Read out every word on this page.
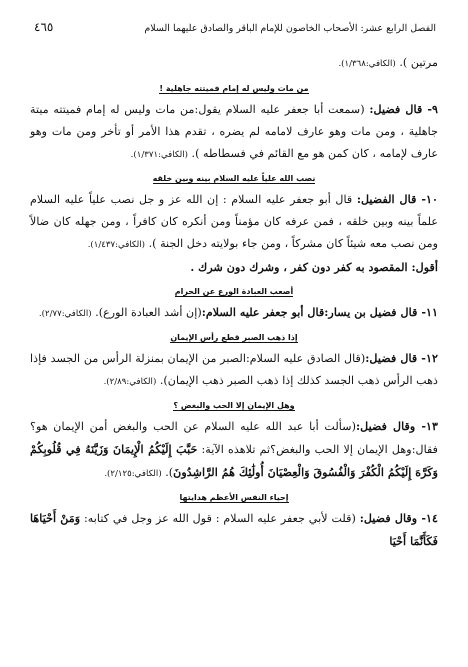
الفصل الرابع عشر: الأصحاب الخاصون للإمام الباقر والصادق عليهما السلام
٤٦٥

مرتين ). (الكافي:١/٣٦٨).

من مات وليس له إمام فميتته جاهلية !

٩- قال فضيل: (سمعت أبا جعفر عليه السلام يقول:من مات وليس له إمام فميتته ميتة جاهلية ، ومن مات وهو عارف لامامه لم يضره ، تقدم هذا الأمر أو تأخر ومن مات وهو عارف لإمامه ، كان كمن هو مع القائم في فسطاطه ). (الكافي:١/٣٧١).

نصب الله علياً عليه السلام بينه وبين خلقه

١٠- قال الفضيل: قال أبو جعفر عليه السلام : إن الله عز و جل نصب علياً عليه السلام علماً بينه وبين خلقه ، فمن عرفه كان مؤمناً ومن أنكره كان كافراً ، ومن جهله كان ضالاً ومن نصب معه شيئاً كان مشركاً ، ومن جاء بولايته دخل الجنة ). (الكافي:١/٤٣٧).

أقول: المقصود به كفر دون كفر ، وشرك دون شرك .

أصعب العبادة الورع عن الحرام

١١- قال فضيل بن يسار:قال أبو جعفر عليه السلام:(إن أشد العبادة الورع). (الكافي:٢/٧٧).

إذا ذهب الصبر قطع رأس الإيمان

١٢- قال فضيل:(قال الصادق عليه السلام:الصبر من الإيمان بمنزلة الرأس من الجسد فإذا ذهب الرأس ذهب الجسد كذلك إذا ذهب الصبر ذهب الإيمان). (الكافي:٢/٨٩).

وهل الإيمان إلا الحب والبغض ؟

١٣- وقال فضيل:(سألت أبا عبد الله عليه السلام عن الحب والبغض أمن الإيمان هو؟ فقال:وهل الإيمان إلا الحب والبغض؟ثم تلاهذه الآية: حَبَّبَ إِلَيْكُمُ الْإِيمَانَ وَزَيَّنَهُ فِي قُلُوبِكُمْ وَكَرَّهَ إِلَيْكُمُ الْكُفْرَ وَالْفُسُوقَ وَالْعِصْيَانَ أُولَٰئِكَ هُمُ الرَّاشِدُونَ). (الكافي:٢/١٢٥).

إحياء النفس الأعظم هدايتها

١٤- وقال فضيل: (قلت لأبي جعفر عليه السلام : قول الله عز وجل في كتابه: وَمَنْ أَحْيَاهَا فَكَأَنَّمَا أَحْيَا
